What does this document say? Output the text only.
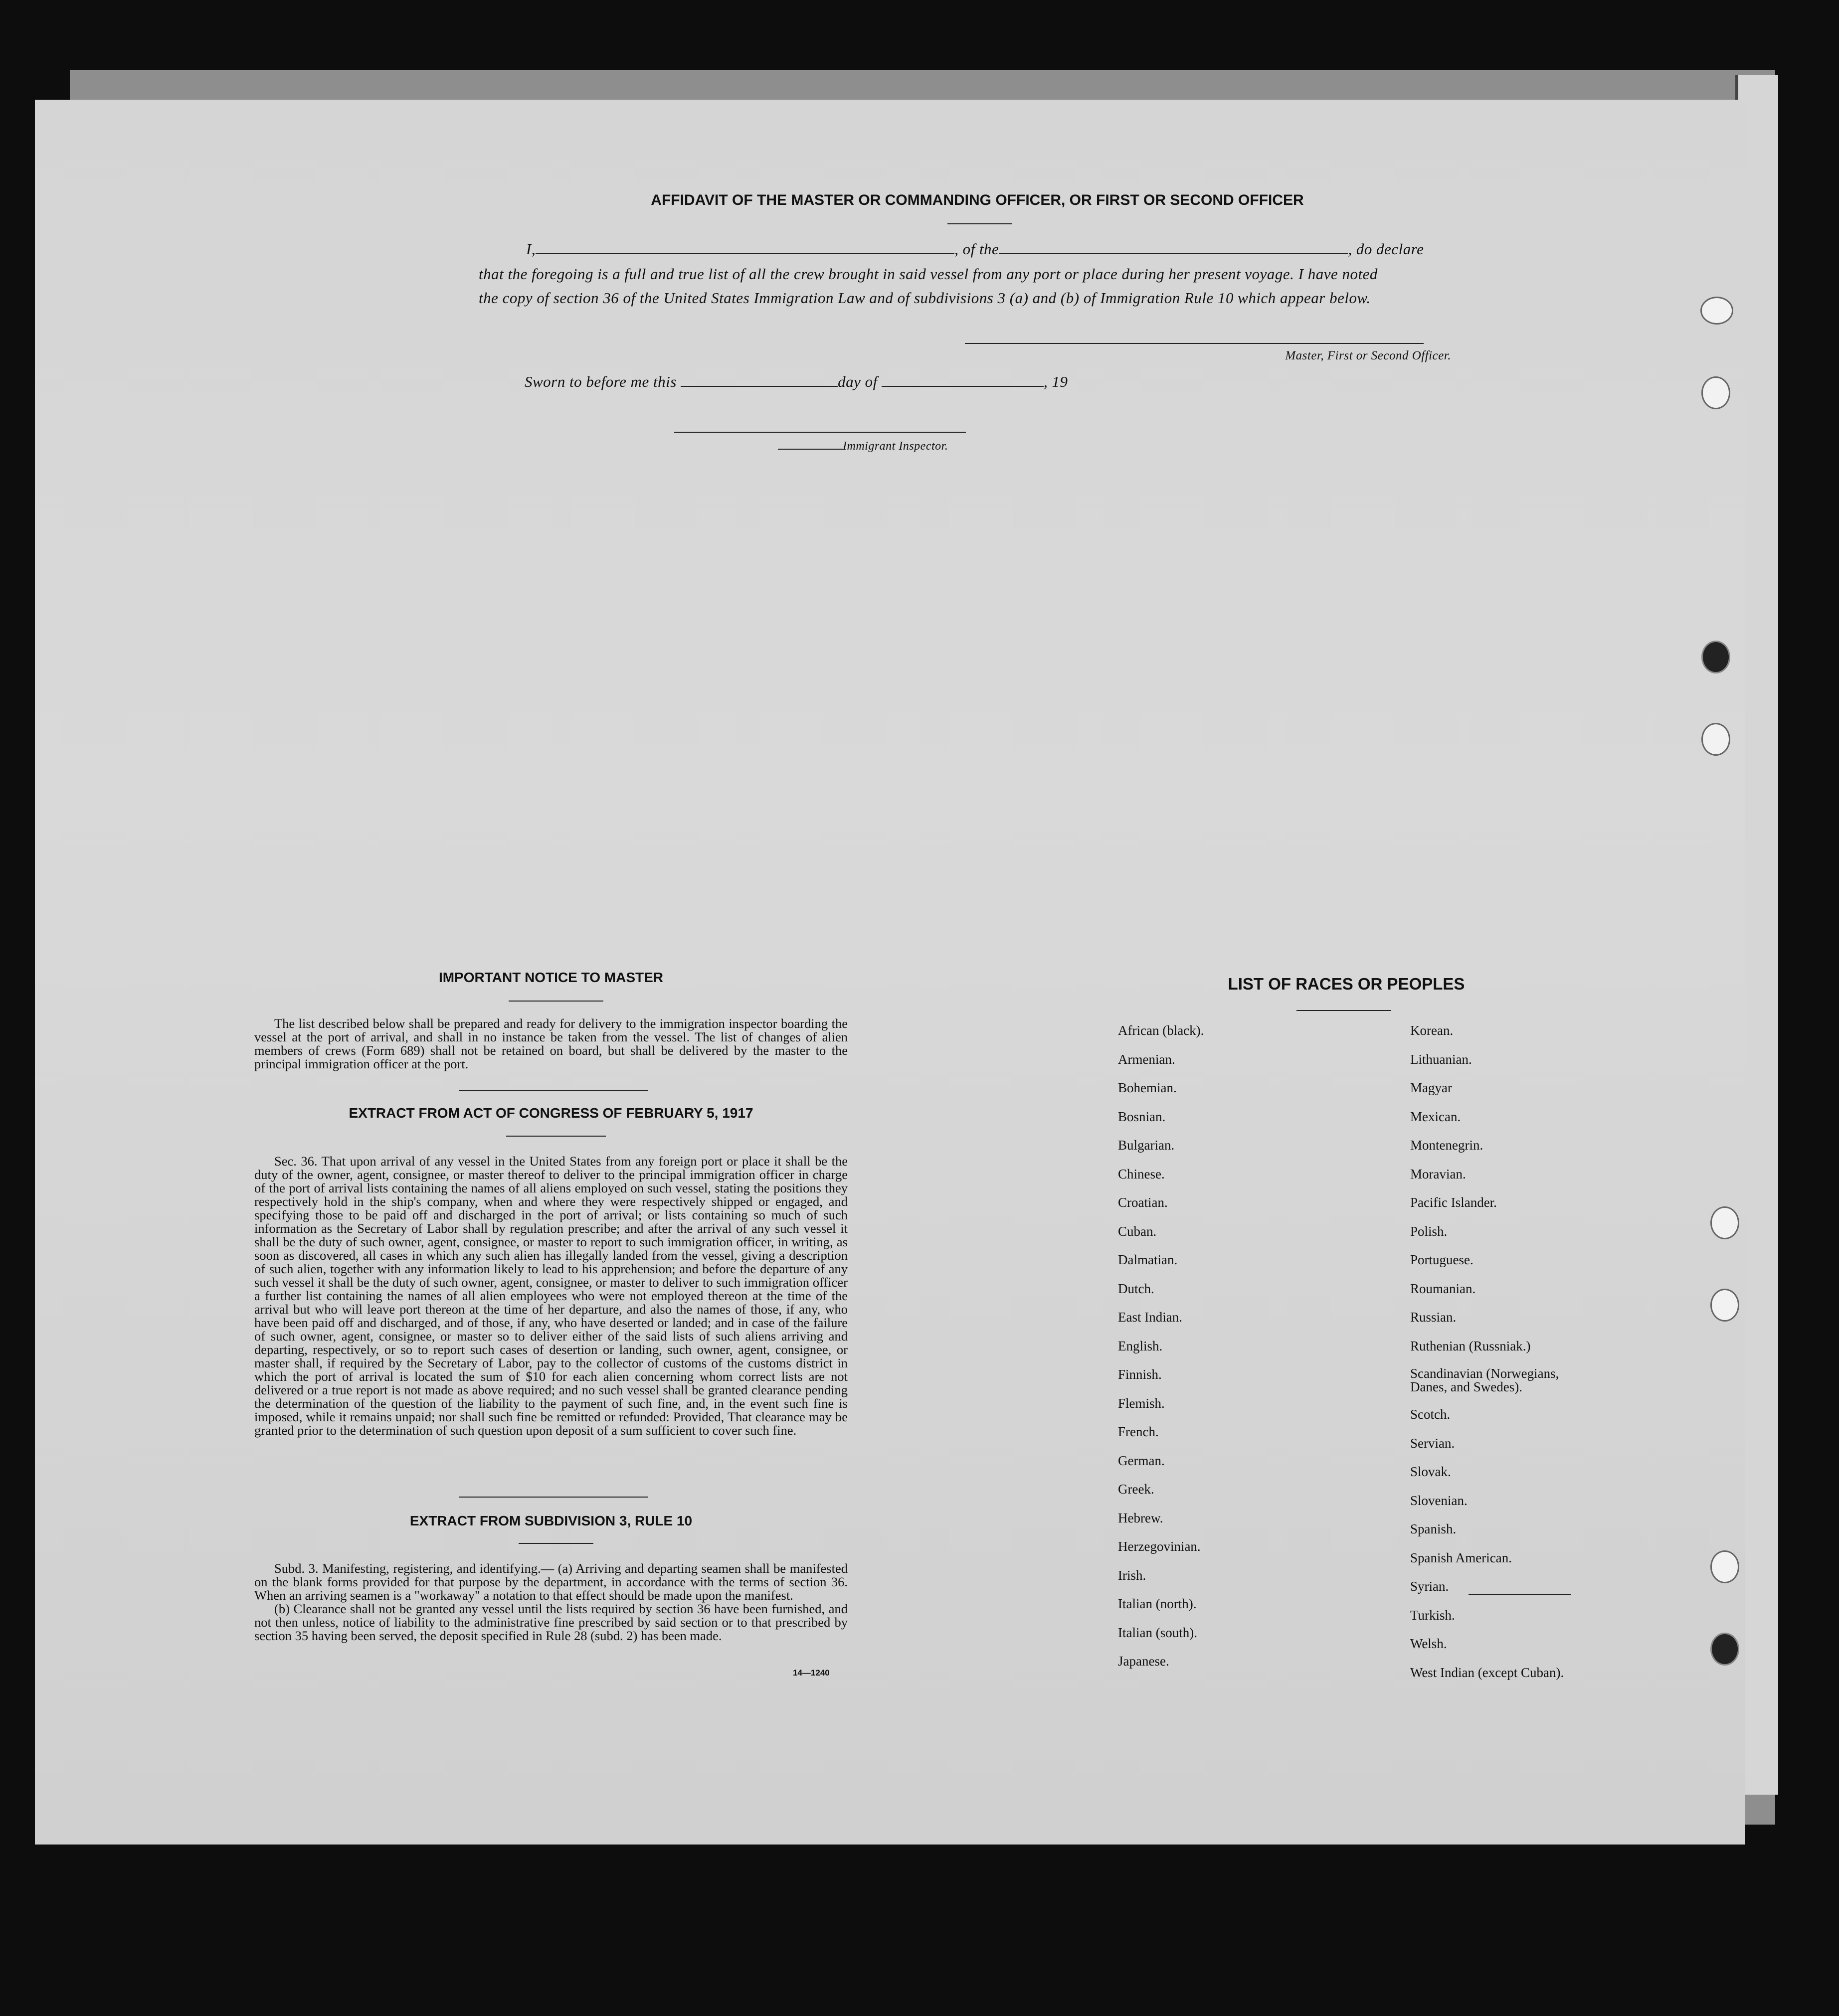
AFFIDAVIT OF THE MASTER OR COMMANDING OFFICER, OR FIRST OR SECOND OFFICER
I,	, of the	, do declare
that the foregoing is a full and true list of all the crew brought in said vessel from any port or place during her present voyage. I have noted
the copy of section 36 of the United States Immigration Law and of subdivisions 3 (a) and (b) of Immigration Rule 10 which appear below.
Master, First or Second Officer.
Sworn to before me this	day of	, 19
Immigrant Inspector.
IMPORTANT NOTICE TO MASTER

The list described below shall be prepared and ready for delivery to the immigration inspector boarding the vessel at the port of arrival, and shall in no instance be taken from the vessel. The list of changes of alien members of crews (Form 689) shall not be retained on board, but shall be delivered by the master to the principal immigration officer at the port.

EXTRACT FROM ACT OF CONGRESS OF FEBRUARY 5, 1917

Sec. 36. That upon arrival of any vessel in the United States from any foreign port or place it shall be the duty of the owner, agent, consignee, or master thereof to deliver to the principal immigration officer in charge of the port of arrival lists containing the names of all aliens employed on such vessel, stating the positions they respectively hold in the ship's company, when and where they were respectively shipped or engaged, and specifying those to be paid off and discharged in the port of arrival; or lists containing so much of such information as the Secretary of Labor shall by regulation prescribe; and after the arrival of any such vessel it shall be the duty of such owner, agent, consignee, or master to report to such immigration officer, in writing, as soon as discovered, all cases in which any such alien has illegally landed from the vessel, giving a description of such alien, together with any information likely to lead to his apprehension; and before the departure of any such vessel it shall be the duty of such owner, agent, consignee, or master to deliver to such immigration officer a further list containing the names of all alien employees who were not employed thereon at the time of the arrival but who will leave port thereon at the time of her departure, and also the names of those, if any, who have been paid off and discharged, and of those, if any, who have deserted or landed; and in case of the failure of such owner, agent, consignee, or master so to deliver either of the said lists of such aliens arriving and departing, respectively, or so to report such cases of desertion or landing, such owner, agent, consignee, or master shall, if required by the Secretary of Labor, pay to the collector of customs of the customs district in which the port of arrival is located the sum of $10 for each alien concerning whom correct lists are not delivered or a true report is not made as above required; and no such vessel shall be granted clearance pending the determination of the question of the liability to the payment of such fine, and, in the event such fine is imposed, while it remains unpaid; nor shall such fine be remitted or refunded: Provided, That clearance may be granted prior to the determination of such question upon deposit of a sum sufficient to cover such fine.

EXTRACT FROM SUBDIVISION 3, RULE 10

Subd. 3. Manifesting, registering, and identifying.— (a) Arriving and departing seamen shall be manifested on the blank forms provided for that purpose by the department, in accordance with the terms of section 36. When an arriving seamen is a "workaway" a notation to that effect should be made upon the manifest.

(b) Clearance shall not be granted any vessel until the lists required by section 36 have been furnished, and not then unless, notice of liability to the administrative fine prescribed by said section or to that prescribed by section 35 having been served, the deposit specified in Rule 28 (subd. 2) has been made.

14—1240
LIST OF RACES OR PEOPLES
African (black).
Armenian.
Bohemian.
Bosnian.
Bulgarian.
Chinese.
Croatian.
Cuban.
Dalmatian.
Dutch.
East Indian.
English.
Finnish.
Flemish.
French.
German.
Greek.
Hebrew.
Herzegovinian.
Irish.
Italian (north).
Italian (south).
Japanese.
Korean.
Lithuanian.
Magyar
Mexican.
Montenegrin.
Moravian.
Pacific Islander.
Polish.
Portuguese.
Roumanian.
Russian.
Ruthenian (Russniak.)
Scandinavian (Norwegians, Danes, and Swedes).
Scotch.
Servian.
Slovak.
Slovenian.
Spanish.
Spanish American.
Syrian.
Turkish.
Welsh.
West Indian (except Cuban).
